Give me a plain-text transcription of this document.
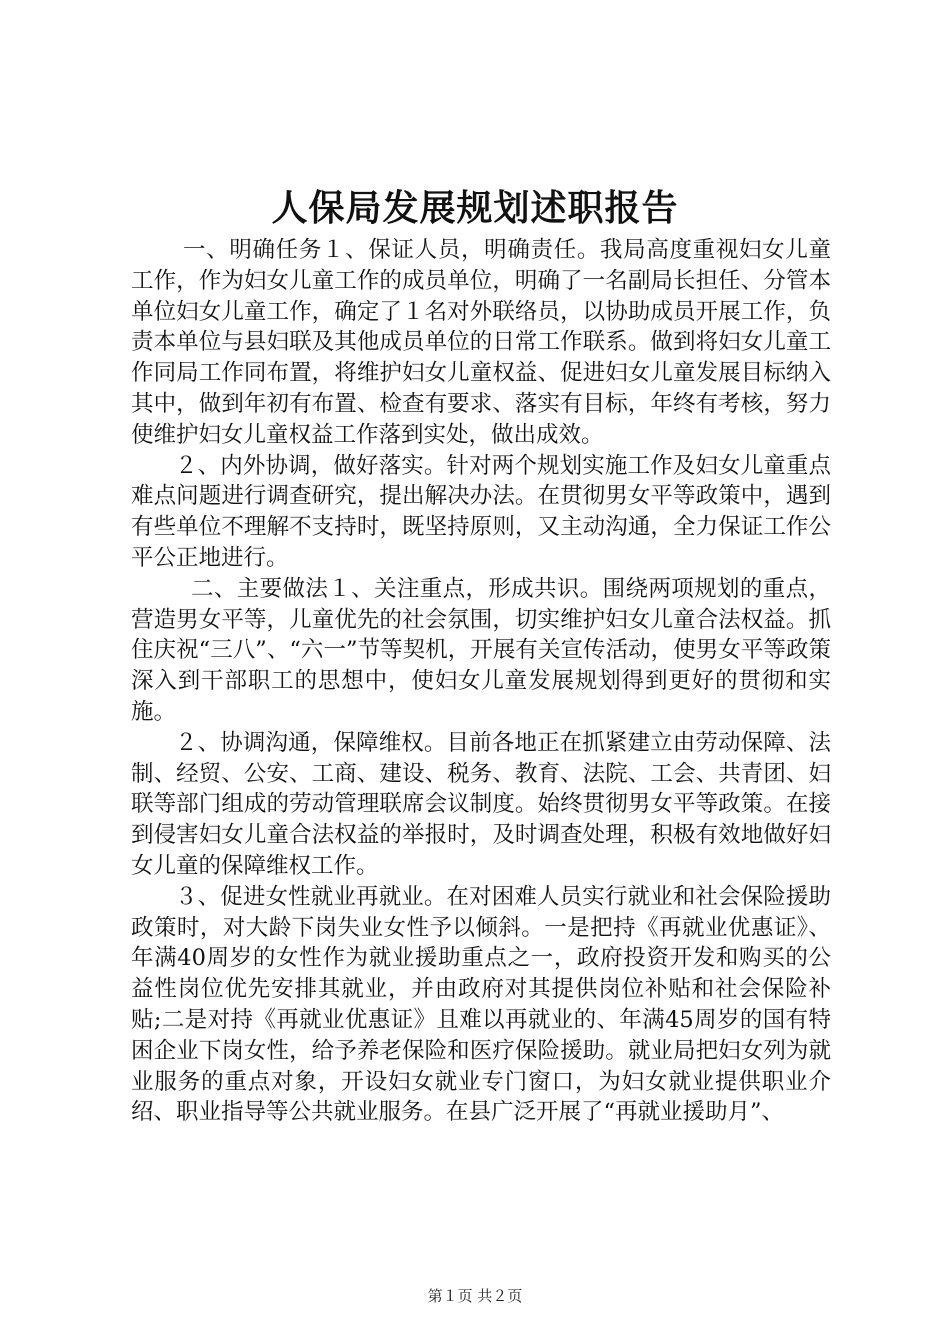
人保局发展规划述职报告

一、明确任务１、保证人员，明确责任。我局高度重视妇女儿童工作，作为妇女儿童工作的成员单位，明确了一名副局长担任、分管本单位妇女儿童工作，确定了１名对外联络员，以协助成员开展工作，负责本单位与县妇联及其他成员单位的日常工作联系。做到将妇女儿童工作同局工作同布置，将维护妇女儿童权益、促进妇女儿童发展目标纳入其中，做到年初有布置、检查有要求、落实有目标，年终有考核，努力使维护妇女儿童权益工作落到实处，做出成效。

２、内外协调，做好落实。针对两个规划实施工作及妇女儿童重点难点问题进行调查研究，提出解决办法。在贯彻男女平等政策中，遇到有些单位不理解不支持时，既坚持原则，又主动沟通，全力保证工作公平公正地进行。

二、主要做法１、关注重点，形成共识。围绕两项规划的重点，营造男女平等，儿童优先的社会氛围，切实维护妇女儿童合法权益。抓住庆祝“三八”、“六一”节等契机，开展有关宣传活动，使男女平等政策深入到干部职工的思想中，使妇女儿童发展规划得到更好的贯彻和实施。

２、协调沟通，保障维权。目前各地正在抓紧建立由劳动保障、法制、经贸、公安、工商、建设、税务、教育、法院、工会、共青团、妇联等部门组成的劳动管理联席会议制度。始终贯彻男女平等政策。在接到侵害妇女儿童合法权益的举报时，及时调查处理，积极有效地做好妇女儿童的保障维权工作。

３、促进女性就业再就业。在对困难人员实行就业和社会保险援助政策时，对大龄下岗失业女性予以倾斜。一是把持《再就业优惠证》、年满40周岁的女性作为就业援助重点之一，政府投资开发和购买的公益性岗位优先安排其就业，并由政府对其提供岗位补贴和社会保险补贴;二是对持《再就业优惠证》且难以再就业的、年满45周岁的国有特困企业下岗女性，给予养老保险和医疗保险援助。就业局把妇女列为就业服务的重点对象，开设妇女就业专门窗口，为妇女就业提供职业介绍、职业指导等公共就业服务。在县广泛开展了“再就业援助月”、

第１页 共２页
